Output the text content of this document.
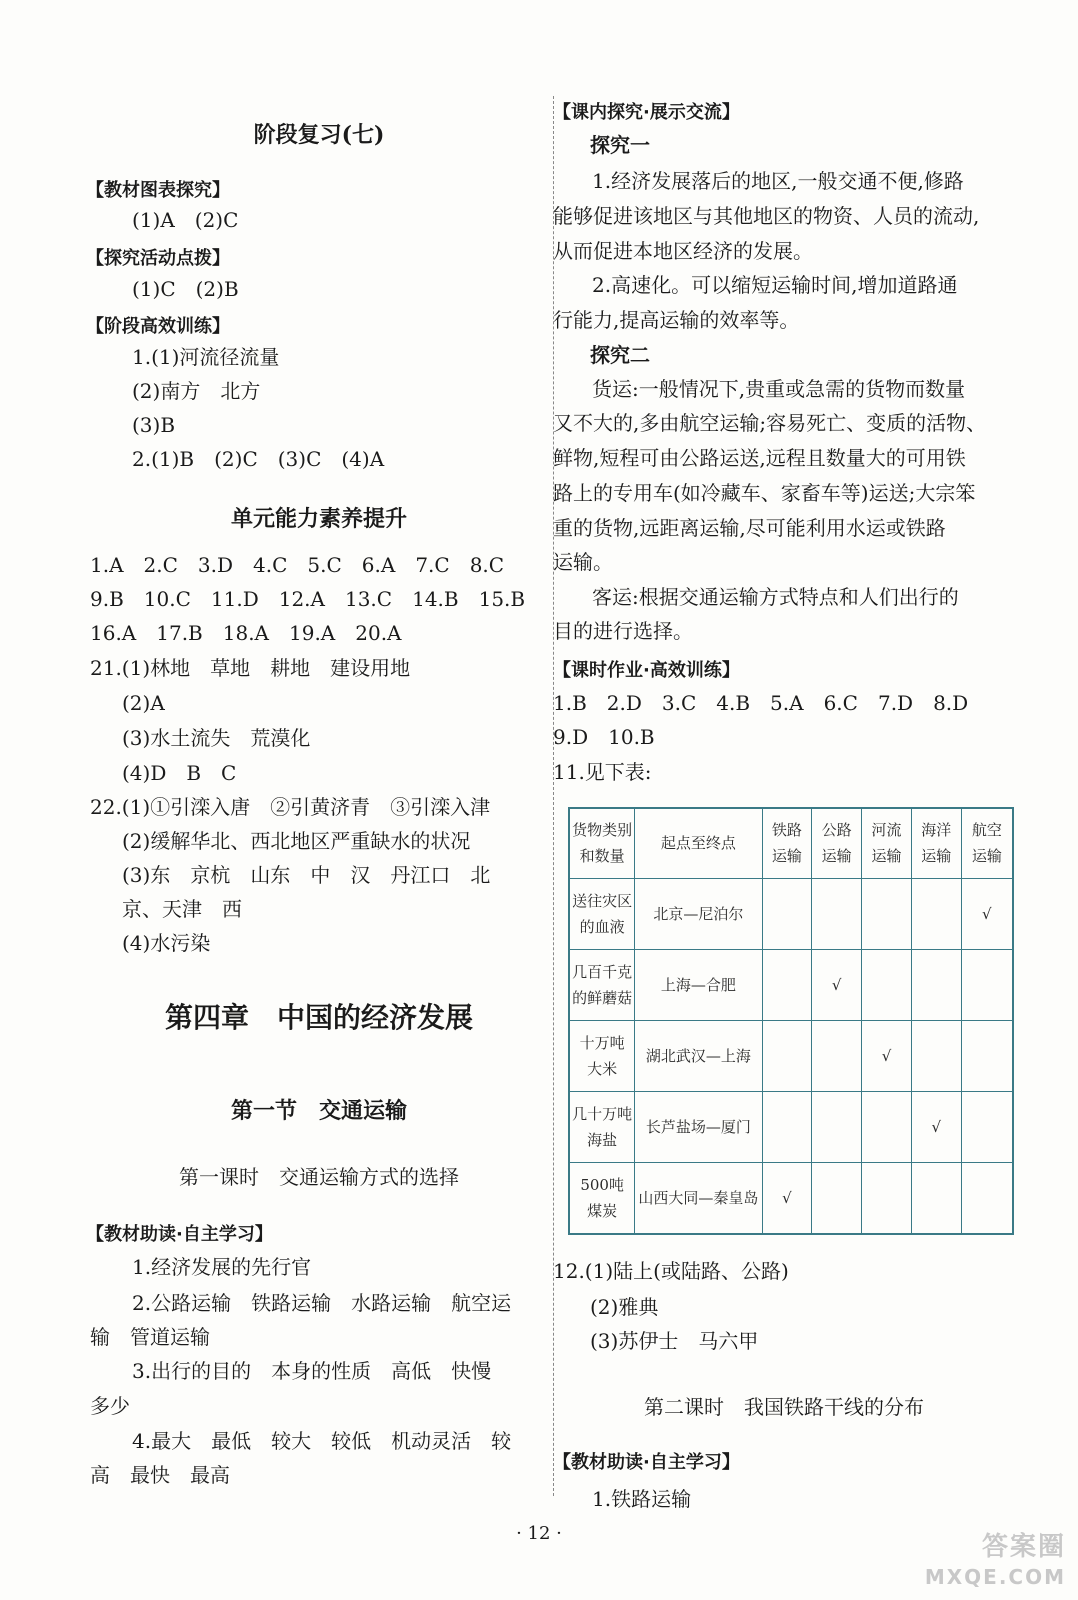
阶段复习(七)
【教材图表探究】
(1)A　(2)C
【探究活动点拨】
(1)C　(2)B
【阶段高效训练】
1.(1)河流径流量
(2)南方　北方
(3)B
2.(1)B　(2)C　(3)C　(4)A
单元能力素养提升
1.A　2.C　3.D　4.C　5.C　6.A　7.C　8.C
9.B　10.C　11.D　12.A　13.C　14.B　15.B
16.A　17.B　18.A　19.A　20.A
21.(1)林地　草地　耕地　建设用地
(2)A
(3)水土流失　荒漠化
(4)D　B　C
22.(1)①引滦入唐　②引黄济青　③引滦入津
(2)缓解华北、西北地区严重缺水的状况
(3)东　京杭　山东　中　汉　丹江口　北
京、天津　西
(4)水污染
第四章　中国的经济发展
第一节　交通运输
第一课时　交通运输方式的选择
【教材助读·自主学习】
1.经济发展的先行官
2.公路运输　铁路运输　水路运输　航空运
输　管道运输
3.出行的目的　本身的性质　高低　快慢
多少
4.最大　最低　较大　较低　机动灵活　较
高　最快　最高
【课内探究·展示交流】
探究一
1.经济发展落后的地区,一般交通不便,修路
能够促进该地区与其他地区的物资、人员的流动,
从而促进本地区经济的发展。
2.高速化。可以缩短运输时间,增加道路通
行能力,提高运输的效率等。
探究二
货运:一般情况下,贵重或急需的货物而数量
又不大的,多由航空运输;容易死亡、变质的活物、
鲜物,短程可由公路运送,远程且数量大的可用铁
路上的专用车(如冷藏车、家畜车等)运送;大宗笨
重的货物,远距离运输,尽可能利用水运或铁路
运输。
客运:根据交通运输方式特点和人们出行的
目的进行选择。
【课时作业·高效训练】
1.B　2.D　3.C　4.B　5.A　6.C　7.D　8.D
9.D　10.B
11.见下表:
货物类别
和数量	起点至终点	铁路
运输	公路
运输	河流
运输	海洋
运输	航空
运输
送往灾区
的血液	北京—尼泊尔					√
几百千克
的鲜蘑菇	上海—合肥		√			
十万吨
大米	湖北武汉—上海			√		
几十万吨
海盐	长芦盐场—厦门				√	
500吨
煤炭	山西大同—秦皇岛	√				
12.(1)陆上(或陆路、公路)
(2)雅典
(3)苏伊士　马六甲
第二课时　我国铁路干线的分布
【教材助读·自主学习】
1.铁路运输
· 12 ·	答案圈
MXQE.COM
